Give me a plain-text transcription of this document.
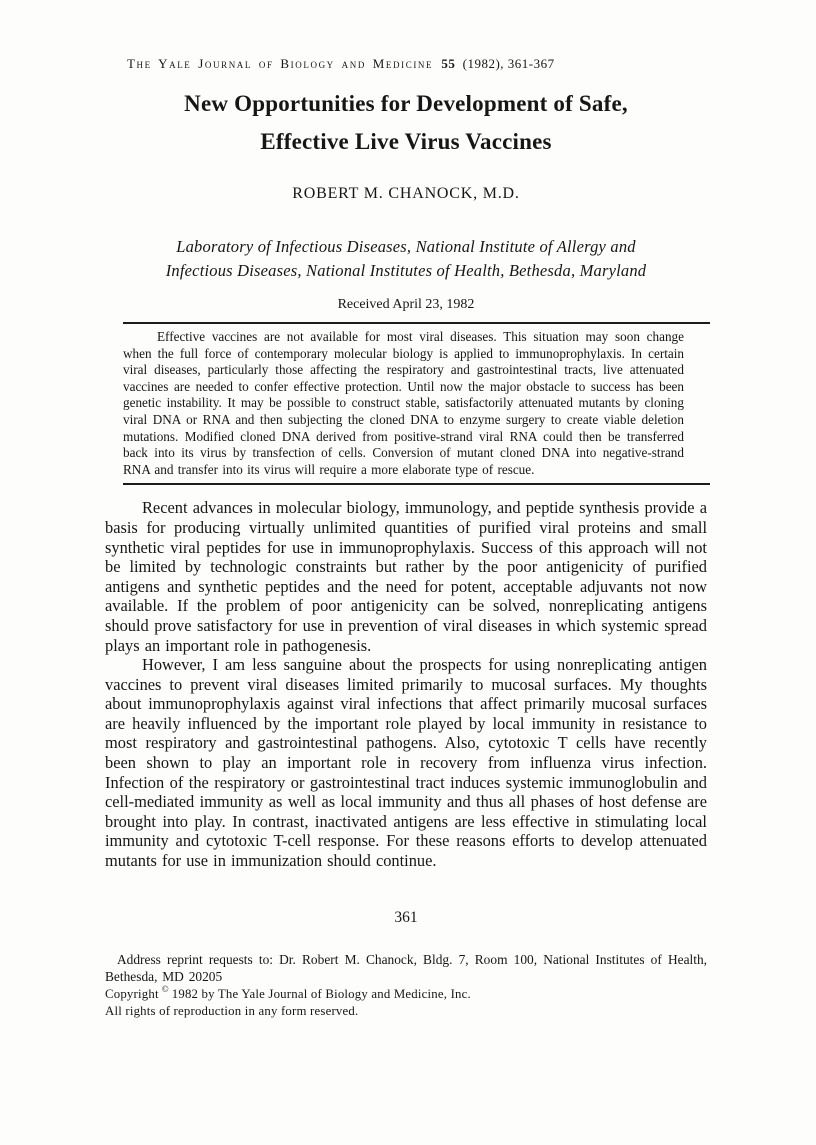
The Yale Journal of Biology and Medicine 55 (1982), 361-367
New Opportunities for Development of Safe,
Effective Live Virus Vaccines
ROBERT M. CHANOCK, M.D.
Laboratory of Infectious Diseases, National Institute of Allergy and
Infectious Diseases, National Institutes of Health, Bethesda, Maryland
Received April 23, 1982

Effective vaccines are not available for most viral diseases. This situation may soon change when the full force of contemporary molecular biology is applied to immunoprophylaxis. In certain viral diseases, particularly those affecting the respiratory and gastrointestinal tracts, live attenuated vaccines are needed to confer effective protection. Until now the major obstacle to success has been genetic instability. It may be possible to construct stable, satisfactorily attenuated mutants by cloning viral DNA or RNA and then subjecting the cloned DNA to enzyme surgery to create viable deletion mutations. Modified cloned DNA derived from positive-strand viral RNA could then be transferred back into its virus by transfection of cells. Conversion of mutant cloned DNA into negative-strand RNA and transfer into its virus will require a more elaborate type of rescue.

Recent advances in molecular biology, immunology, and peptide synthesis provide a basis for producing virtually unlimited quantities of purified viral proteins and small synthetic viral peptides for use in immunoprophylaxis. Success of this approach will not be limited by technologic constraints but rather by the poor antigenicity of purified antigens and synthetic peptides and the need for potent, acceptable adjuvants not now available. If the problem of poor antigenicity can be solved, nonreplicating antigens should prove satisfactory for use in prevention of viral diseases in which systemic spread plays an important role in pathogenesis.

However, I am less sanguine about the prospects for using nonreplicating antigen vaccines to prevent viral diseases limited primarily to mucosal surfaces. My thoughts about immunoprophylaxis against viral infections that affect primarily mucosal surfaces are heavily influenced by the important role played by local immunity in resistance to most respiratory and gastrointestinal pathogens. Also, cytotoxic T cells have recently been shown to play an important role in recovery from influenza virus infection. Infection of the respiratory or gastrointestinal tract induces systemic immunoglobulin and cell-mediated immunity as well as local immunity and thus all phases of host defense are brought into play. In contrast, inactivated antigens are less effective in stimulating local immunity and cytotoxic T-cell response. For these reasons efforts to develop attenuated mutants for use in immunization should continue.

361

Address reprint requests to: Dr. Robert M. Chanock, Bldg. 7, Room 100, National Institutes of Health, Bethesda, MD 20205

Copyright © 1982 by The Yale Journal of Biology and Medicine, Inc.

All rights of reproduction in any form reserved.
